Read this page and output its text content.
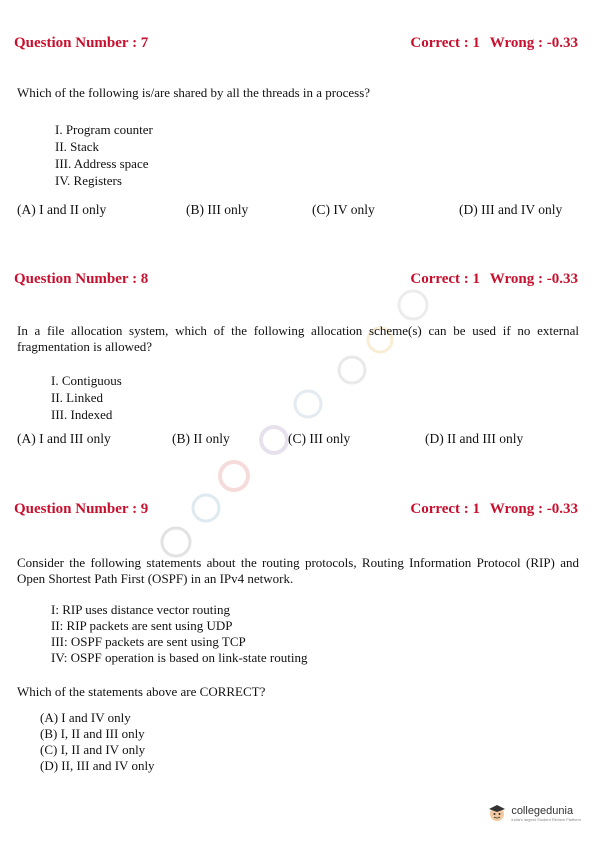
Question Number : 7	Correct : 1 Wrong : -0.33
Which of the following is/are shared by all the threads in a process?
I. Program counter
II. Stack
III. Address space
IV. Registers
(A) I and II only	(B) III only	(C) IV only	(D) III and IV only
Question Number : 8	Correct : 1 Wrong : -0.33
In a file allocation system, which of the following allocation scheme(s) can be used if no external fragmentation is allowed?
I. Contiguous
II. Linked
III. Indexed
(A) I and III only	(B) II only	(C) III only	(D) II and III only
Question Number : 9	Correct : 1 Wrong : -0.33
Consider the following statements about the routing protocols, Routing Information Protocol (RIP) and Open Shortest Path First (OSPF) in an IPv4 network.
I: RIP uses distance vector routing
II: RIP packets are sent using UDP
III: OSPF packets are sent using TCP
IV: OSPF operation is based on link-state routing
Which of the statements above are CORRECT?
(A) I and IV only
(B) I, II and III only
(C) I, II and IV only
(D) II, III and IV only
collegedunia
India's largest Student Review Platform
